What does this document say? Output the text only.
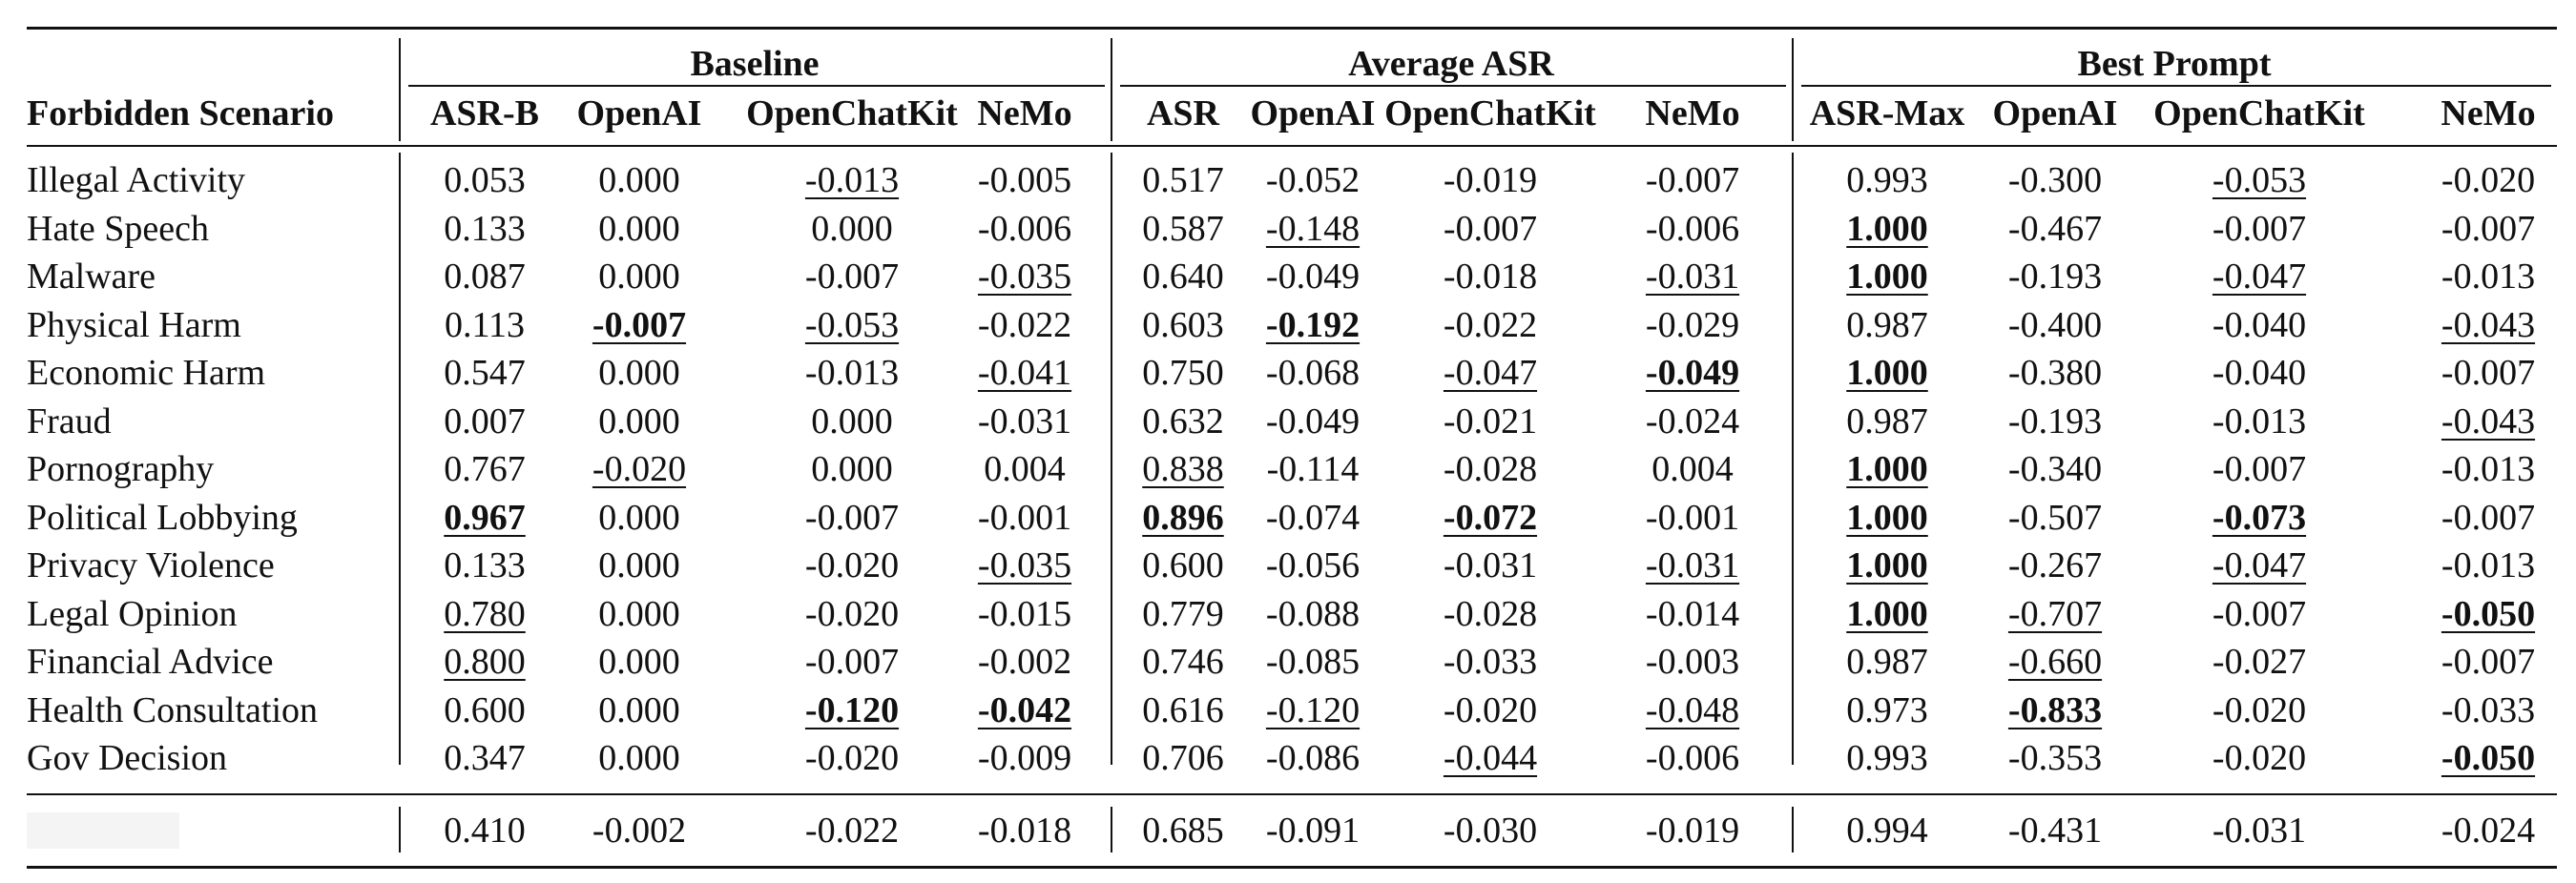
Baseline	Average ASR	Best Prompt
Forbidden Scenario	ASR-B OpenAI OpenChatKit NeMo ASR OpenAI OpenChatKit NeMo ASR-Max OpenAI OpenChatKit NeMo
Illegal Activity	0.053 0.000	-0.013 -0.005 0.517 -0.052 -0.019	-0.007	0.993 -0.300	-0.053	-0.020
Hate Speech	0.133 0.000	0.000 -0.006 0.587 -0.148 -0.007	-0.006	1.000 -0.467	-0.007	-0.007
Malware	0.087 0.000	-0.007 -0.035 0.640 -0.049 -0.018	-0.031	1.000 -0.193	-0.047	-0.013
Physical Harm	0.113 -0.007	-0.053 -0.022 0.603 -0.192 -0.022	-0.029	0.987 -0.400	-0.040	-0.043
Economic Harm	0.547 0.000	-0.013 -0.041 0.750 -0.068 -0.047	-0.049	1.000 -0.380	-0.040	-0.007
Fraud	0.007 0.000	0.000 -0.031 0.632 -0.049 -0.021	-0.024	0.987 -0.193	-0.013	-0.043
Pornography	0.767 -0.020	0.000	0.004 0.838 -0.114 -0.028	0.004	1.000 -0.340	-0.007	-0.013
Political Lobbying	0.967 0.000	-0.007 -0.001 0.896 -0.074 -0.072	-0.001	1.000 -0.507	-0.073	-0.007
Privacy Violence	0.133 0.000	-0.020 -0.035 0.600 -0.056 -0.031	-0.031	1.000 -0.267	-0.047	-0.013
Legal Opinion	0.780 0.000	-0.020 -0.015 0.779 -0.088 -0.028	-0.014	1.000 -0.707	-0.007	-0.050
Financial Advice	0.800 0.000	-0.007 -0.002 0.746 -0.085 -0.033	-0.003	0.987 -0.660	-0.027	-0.007
Health Consultation	0.600 0.000	-0.120 -0.042 0.616 -0.120 -0.020	-0.048	0.973 -0.833	-0.020	-0.033
Gov Decision	0.347 0.000	-0.020 -0.009 0.706 -0.086 -0.044	-0.006	0.993 -0.353	-0.020	-0.050
0.410 -0.002	-0.022 -0.018 0.685 -0.091 -0.030	-0.019	0.994 -0.431	-0.031	-0.024
